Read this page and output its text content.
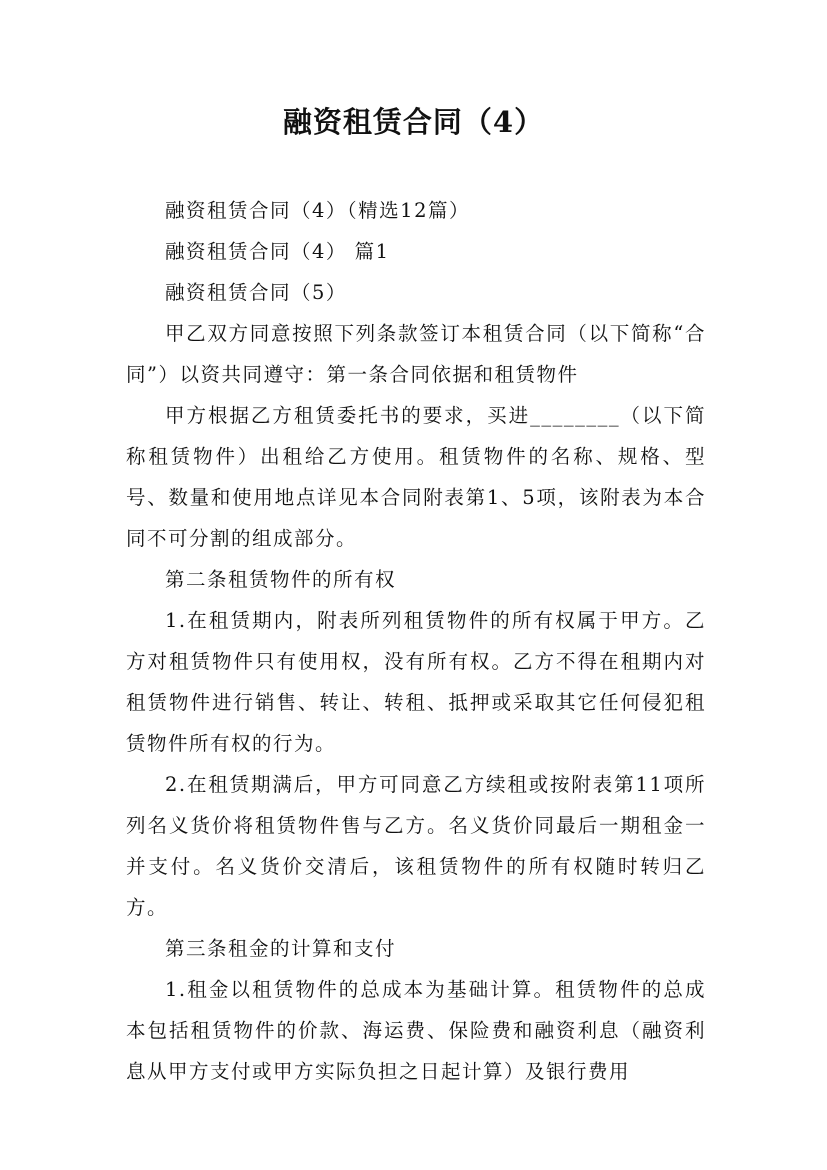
融资租赁合同（4）

融资租赁合同（4）（精选12篇）

融资租赁合同（4） 篇1

融资租赁合同（5）

甲乙双方同意按照下列条款签订本租赁合同（以下简称“合同”）以资共同遵守：第一条合同依据和租赁物件

甲方根据乙方租赁委托书的要求，买进________（以下简称租赁物件）出租给乙方使用。租赁物件的名称、规格、型号、数量和使用地点详见本合同附表第1、5项，该附表为本合同不可分割的组成部分。

第二条租赁物件的所有权

1.在租赁期内，附表所列租赁物件的所有权属于甲方。乙方对租赁物件只有使用权，没有所有权。乙方不得在租期内对租赁物件进行销售、转让、转租、抵押或采取其它任何侵犯租赁物件所有权的行为。

2.在租赁期满后，甲方可同意乙方续租或按附表第11项所列名义货价将租赁物件售与乙方。名义货价同最后一期租金一并支付。名义货价交清后，该租赁物件的所有权随时转归乙方。

第三条租金的计算和支付

1.租金以租赁物件的总成本为基础计算。租赁物件的总成本包括租赁物件的价款、海运费、保险费和融资利息（融资利息从甲方支付或甲方实际负担之日起计算）及银行费用
